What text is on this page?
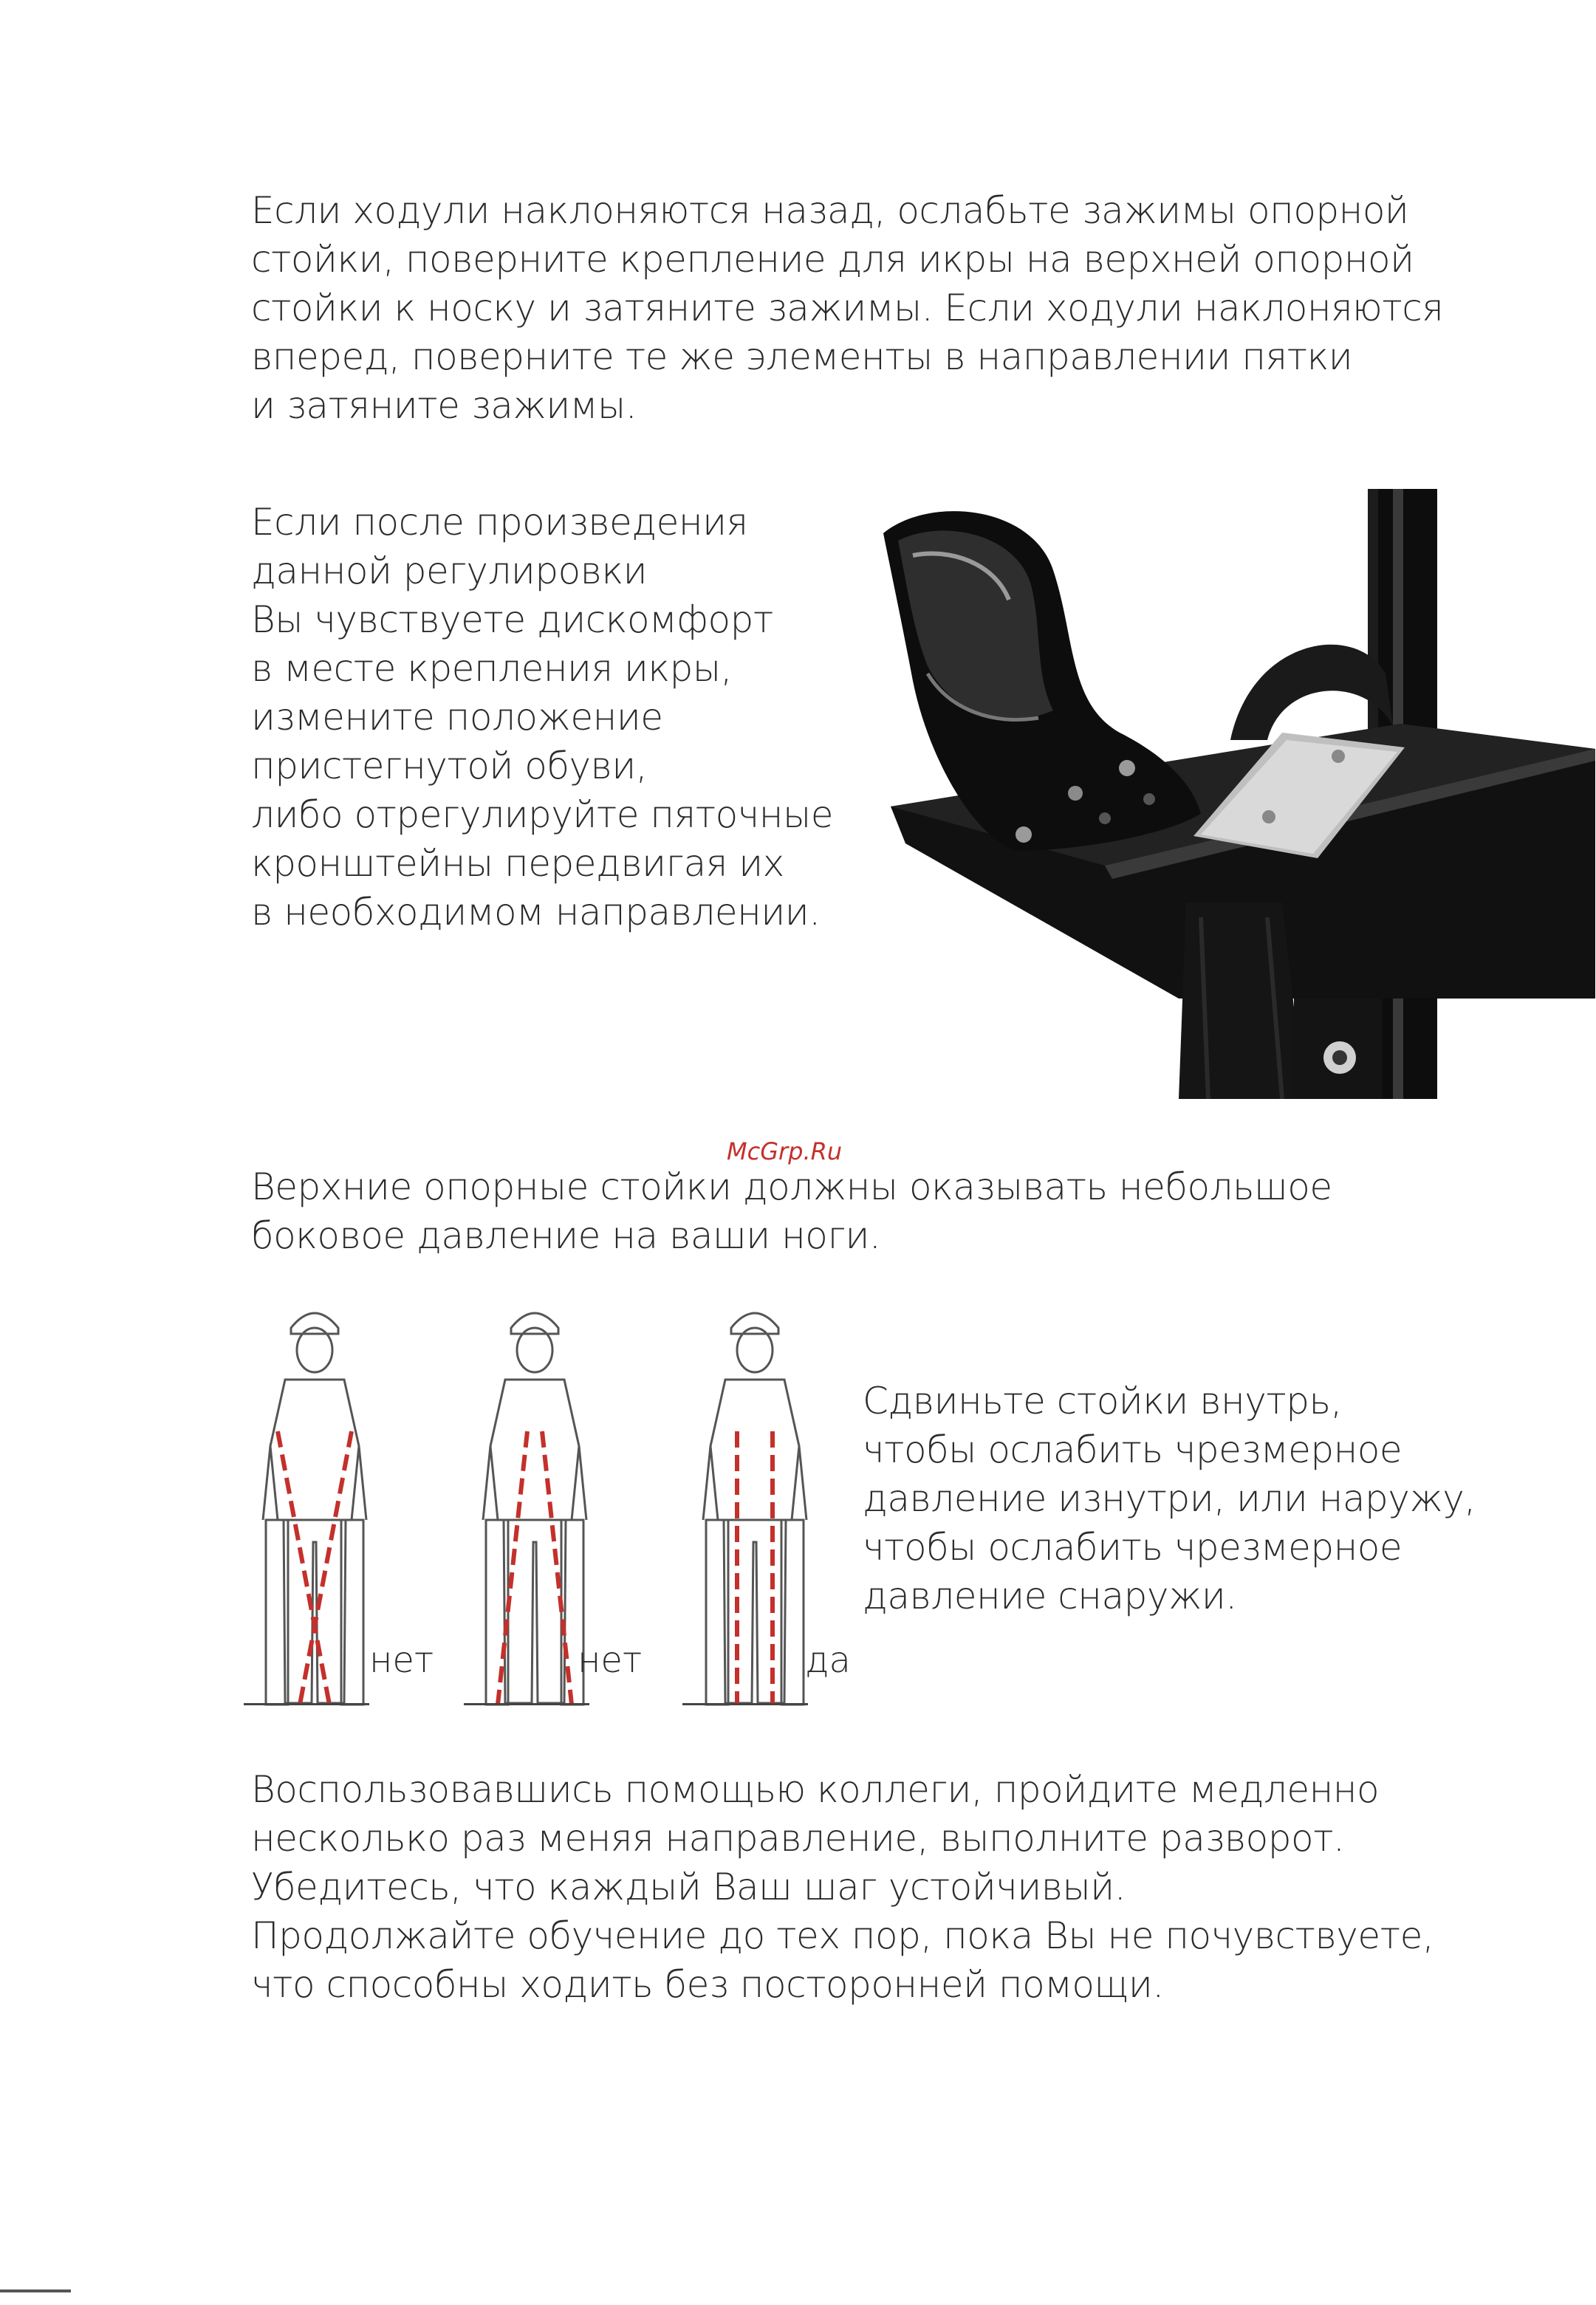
Если ходули наклоняются назад, ослабьте зажимы опорной
стойки, поверните крепление для икры на верхней опорной
стойки к носку и затяните зажимы. Если ходули наклоняются
вперед, поверните те же элементы в направлении пятки
и затяните зажимы.
Если после произведения
данной регулировки
Вы чувствуете дискомфорт
в месте крепления икры,
измените положение
пристегнутой обуви,
либо отрегулируйте пяточные
кронштейны передвигая их
в необходимом направлении.
McGrp.Ru
Верхние опорные стойки должны оказывать небольшое
боковое давление на ваши ноги.
нет	нет	да
Сдвиньте стойки внутрь,
чтобы ослабить чрезмерное
давление изнутри, или наружу,
чтобы ослабить чрезмерное
давление снаружи.
Воспользовавшись помощью коллеги, пройдите медленно
несколько раз меняя направление, выполните разворот.
Убедитесь, что каждый Ваш шаг устойчивый.
Продолжайте обучение до тех пор, пока Вы не почувствуете,
что способны ходить без посторонней помощи.
